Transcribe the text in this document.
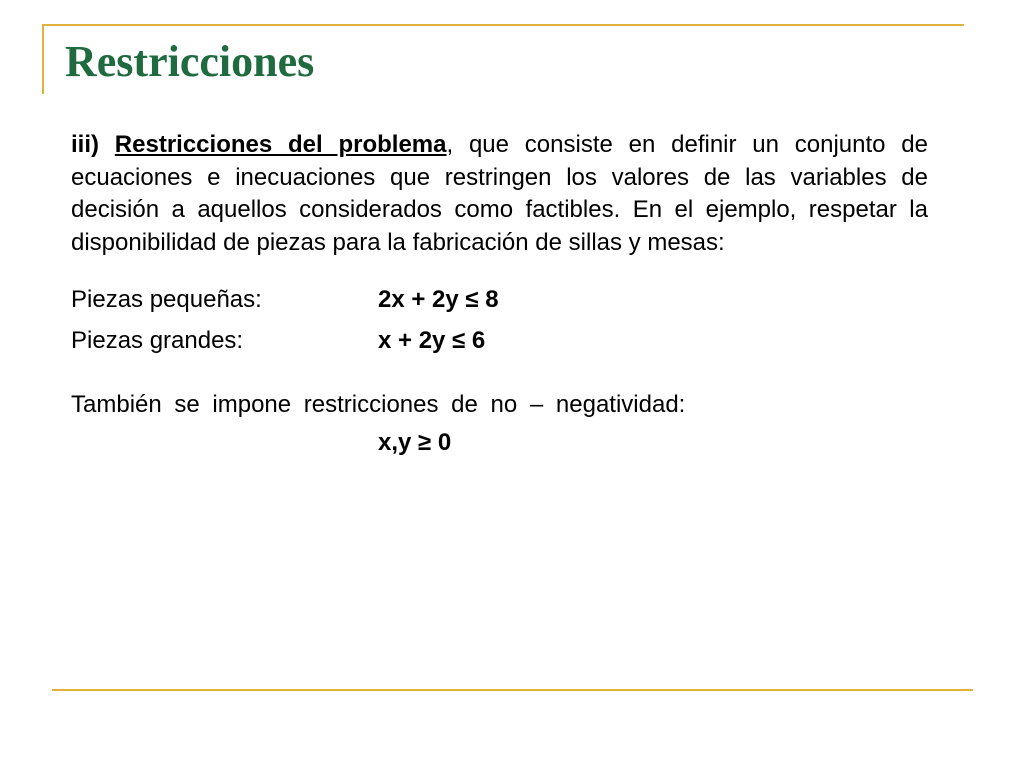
Restricciones

iii) Restricciones del problema, que consiste en definir un conjunto de ecuaciones e inecuaciones que restringen los valores de las variables de decisión a aquellos considerados como factibles. En el ejemplo, respetar la disponibilidad de piezas para la fabricación de sillas y mesas:

Piezas pequeñas:	2x + 2y ≤ 8
Piezas grandes:	x + 2y ≤ 6
También se impone restricciones de no – negatividad:
x,y ≥ 0
